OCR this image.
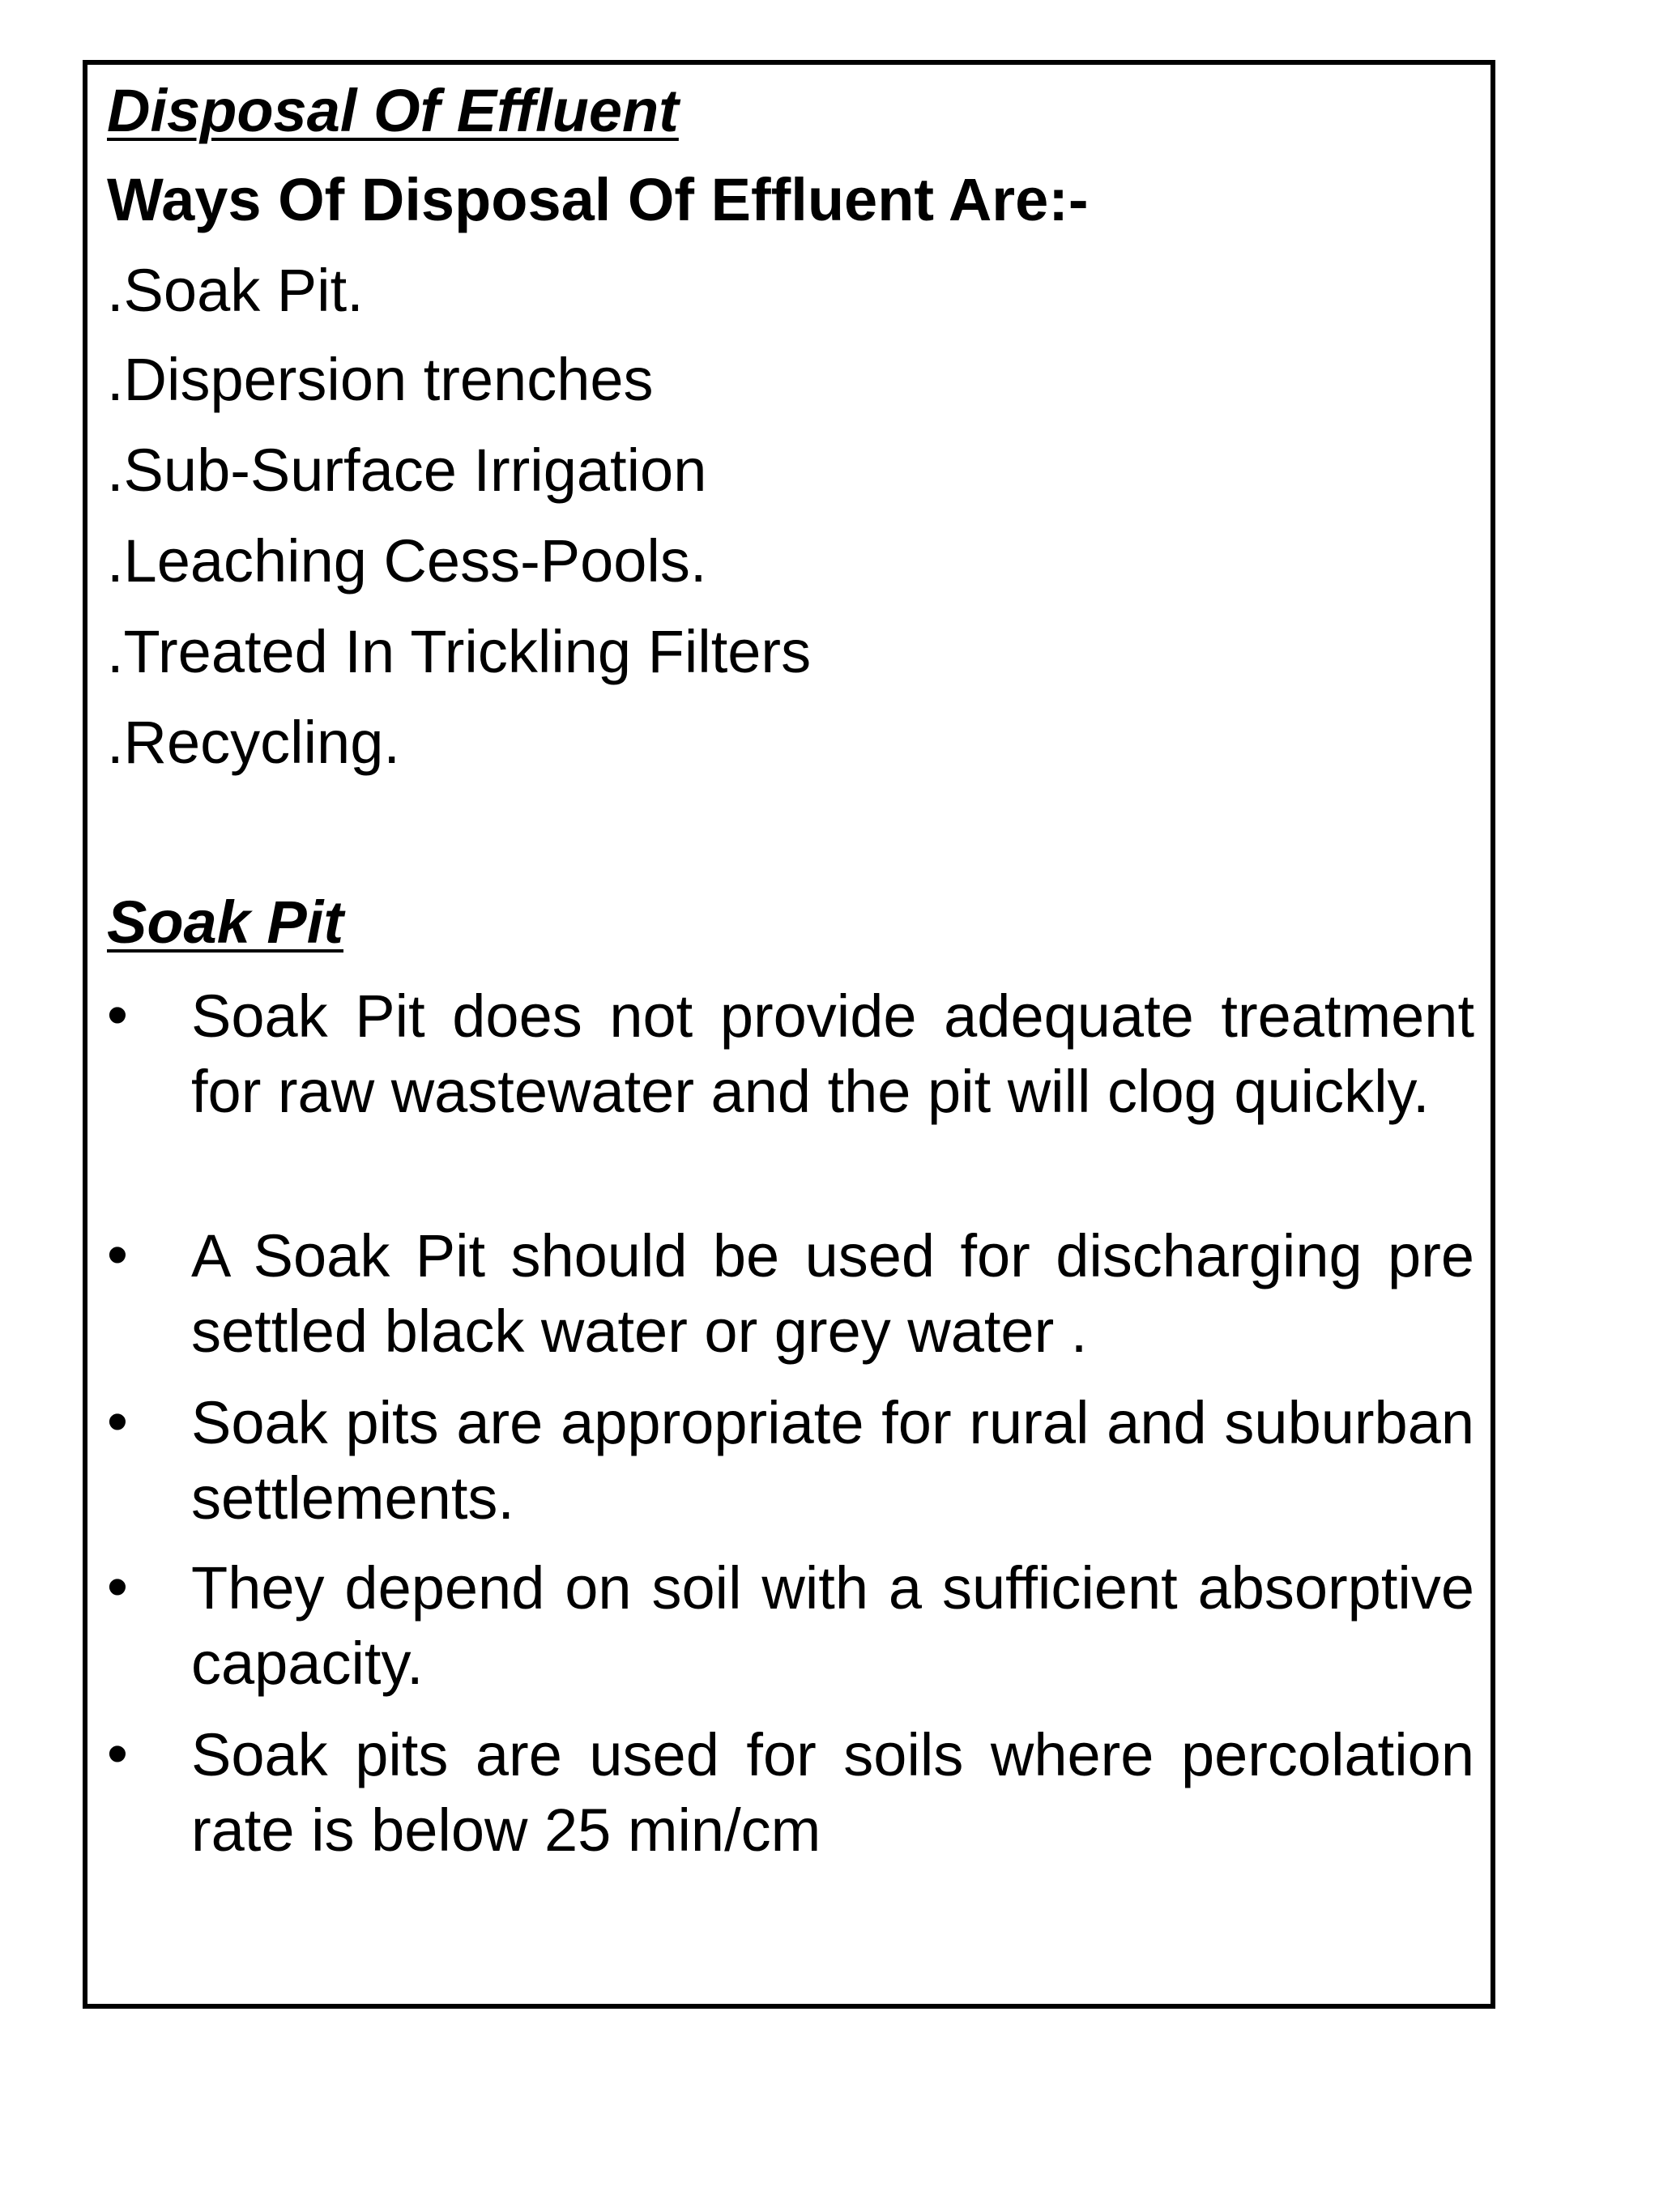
Disposal Of Effluent
Ways Of Disposal Of Effluent Are:-
.Soak Pit.
.Dispersion trenches
.Sub-Surface Irrigation
.Leaching Cess-Pools.
.Treated In Trickling Filters
.Recycling.
Soak Pit
• Soak Pit does not provide adequate treatment for raw wastewater and the pit will clog quickly.
• A Soak Pit should be used for discharging pre settled black water or grey water .
• Soak pits are appropriate for rural and suburban settlements.
• They depend on soil with a sufficient absorptive capacity.
• Soak pits are used for soils where percolation rate is below 25 min/cm
